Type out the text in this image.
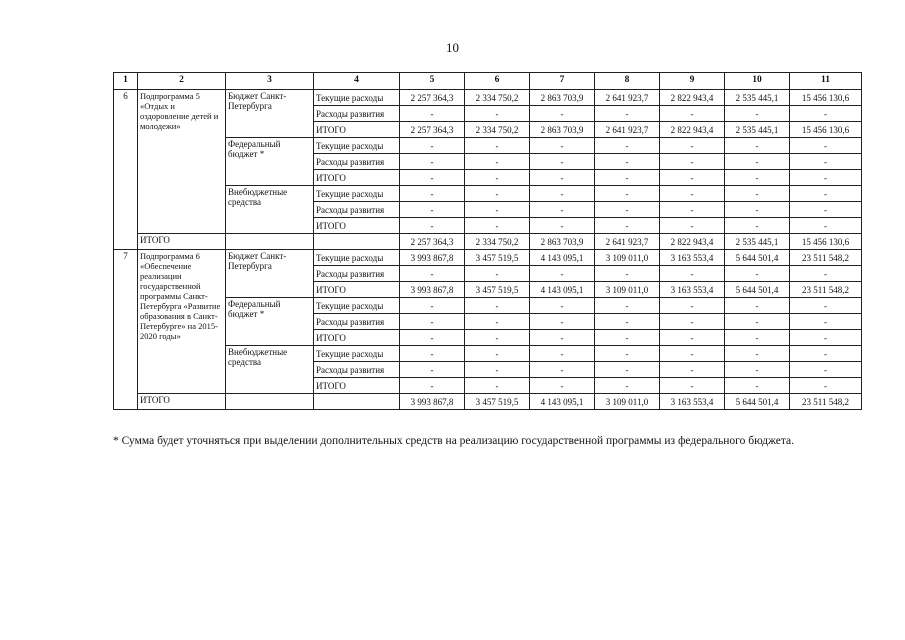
10
1	2	3	4	5	6	7	8	9	10	11
6	Подпрограмма 5 «Отдых и оздоровление детей и молодежи»	Бюджет Санкт-Петербурга	Текущие расходы	2 257 364,3	2 334 750,2	2 863 703,9	2 641 923,7	2 822 943,4	2 535 445,1	15 456 130,6
			Расходы развития	-	-	-	-	-	-	-
			ИТОГО	2 257 364,3	2 334 750,2	2 863 703,9	2 641 923,7	2 822 943,4	2 535 445,1	15 456 130,6
		Федеральный бюджет *	Текущие расходы	-	-	-	-	-	-	-
			Расходы развития	-	-	-	-	-	-	-
			ИТОГО	-	-	-	-	-	-	-
		Внебюджетные средства	Текущие расходы	-	-	-	-	-	-	-
			Расходы развития	-	-	-	-	-	-	-
			ИТОГО	-	-	-	-	-	-	-
	ИТОГО			2 257 364,3	2 334 750,2	2 863 703,9	2 641 923,7	2 822 943,4	2 535 445,1	15 456 130,6
7	Подпрограмма 6 «Обеспечение реализации государственной программы Санкт-Петербурга «Развитие образования в Санкт-Петербурге» на 2015-2020 годы»	Бюджет Санкт-Петербурга	Текущие расходы	3 993 867,8	3 457 519,5	4 143 095,1	3 109 011,0	3 163 553,4	5 644 501,4	23 511 548,2
			Расходы развития	-	-	-	-	-	-	-
			ИТОГО	3 993 867,8	3 457 519,5	4 143 095,1	3 109 011,0	3 163 553,4	5 644 501,4	23 511 548,2
		Федеральный бюджет *	Текущие расходы	-	-	-	-	-	-	-
			Расходы развития	-	-	-	-	-	-	-
			ИТОГО	-	-	-	-	-	-	-
		Внебюджетные средства	Текущие расходы	-	-	-	-	-	-	-
			Расходы развития	-	-	-	-	-	-	-
			ИТОГО	-	-	-	-	-	-	-
	ИТОГО			3 993 867,8	3 457 519,5	4 143 095,1	3 109 011,0	3 163 553,4	5 644 501,4	23 511 548,2
* Сумма будет уточняться при выделении дополнительных средств на реализацию государственной программы из федерального бюджета.
